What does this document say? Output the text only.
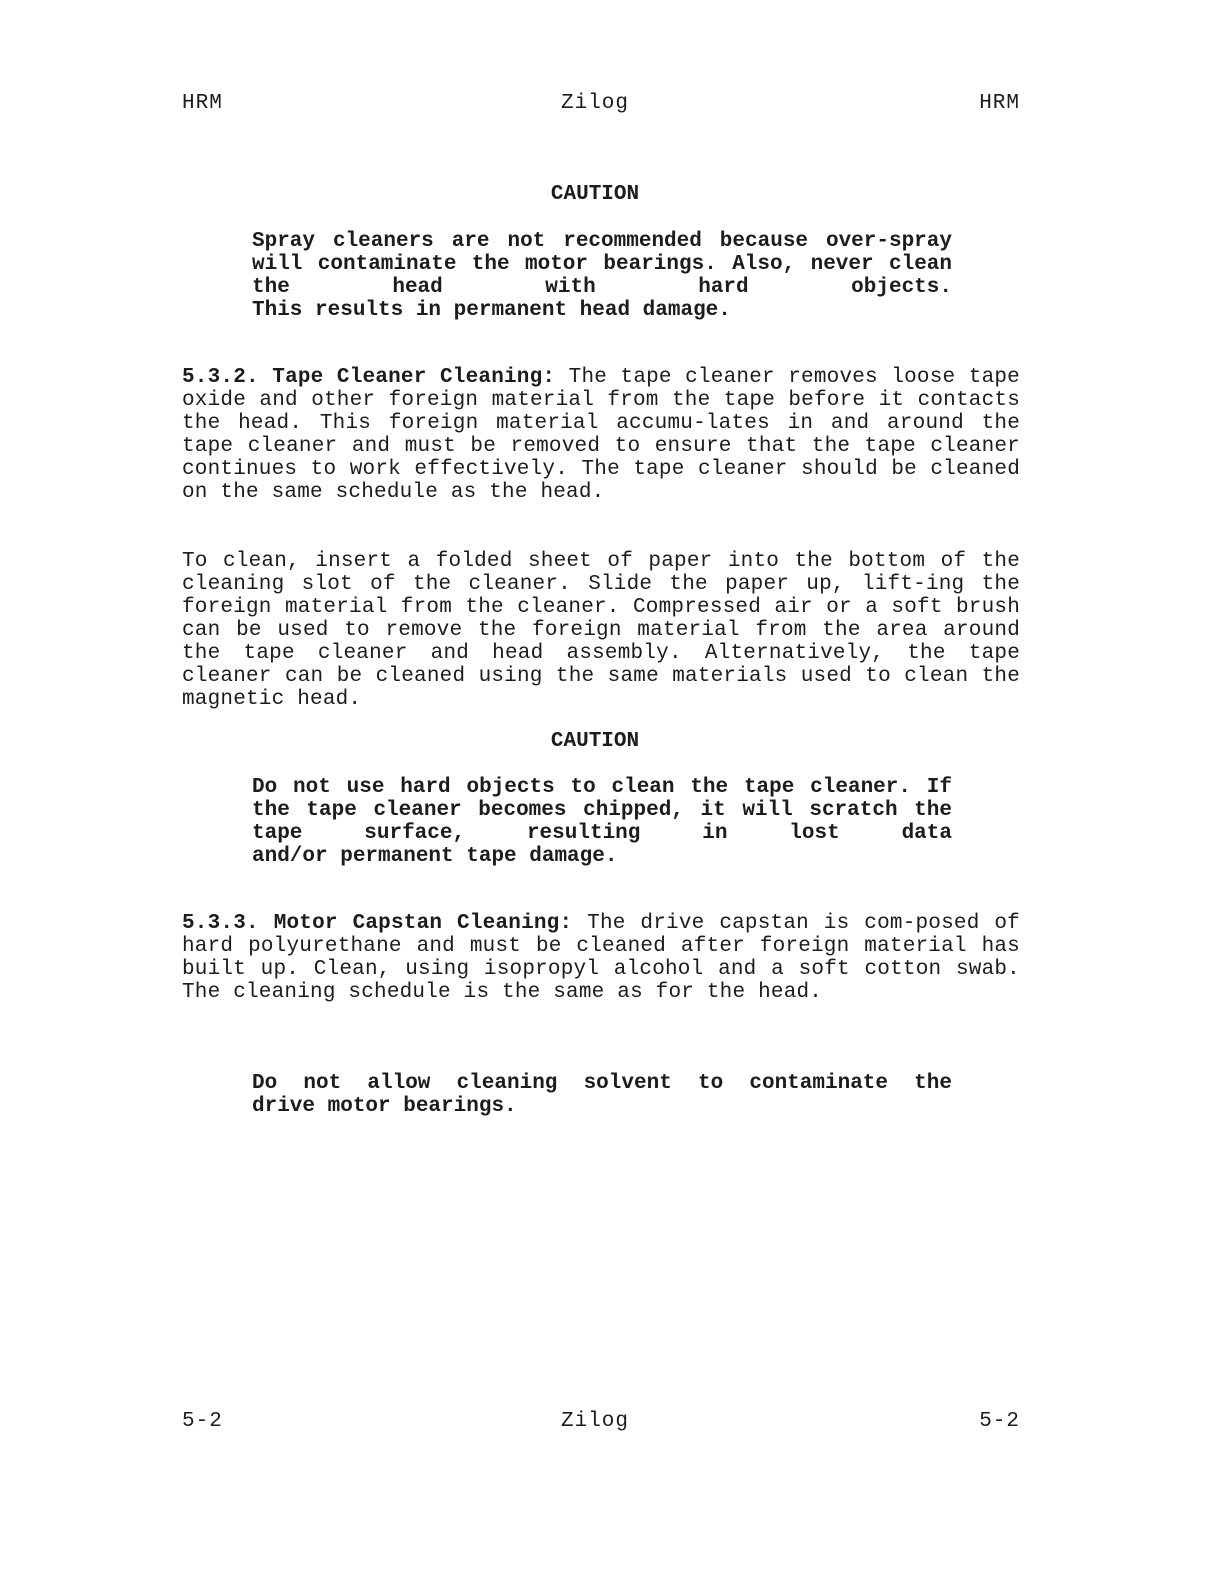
HRM	Zilog	HRM
CAUTION
Spray cleaners are not recommended because over-spray will contaminate the motor bearings. Also, never clean the head with hard objects.
This results in permanent head damage.
5.3.2. Tape Cleaner Cleaning: The tape cleaner removes loose tape oxide and other foreign material from the tape before it contacts the head. This foreign material accumu-lates in and around the tape cleaner and must be removed to ensure that the tape cleaner continues to work effectively. The tape cleaner should be cleaned on the same schedule as the head.
To clean, insert a folded sheet of paper into the bottom of the cleaning slot of the cleaner. Slide the paper up, lift-ing the foreign material from the cleaner. Compressed air or a soft brush can be used to remove the foreign material from the area around the tape cleaner and head assembly. Alternatively, the tape cleaner can be cleaned using the same materials used to clean the magnetic head.
CAUTION
Do not use hard objects to clean the tape cleaner. If the tape cleaner becomes chipped, it will scratch the tape surface, resulting in lost data
and/or permanent tape damage.
5.3.3. Motor Capstan Cleaning: The drive capstan is com-posed of hard polyurethane and must be cleaned after foreign material has built up. Clean, using isopropyl alcohol and a soft cotton swab. The cleaning schedule is the same as for the head.
Do not allow cleaning solvent to contaminate the
drive motor bearings.
5-2	Zilog	5-2
